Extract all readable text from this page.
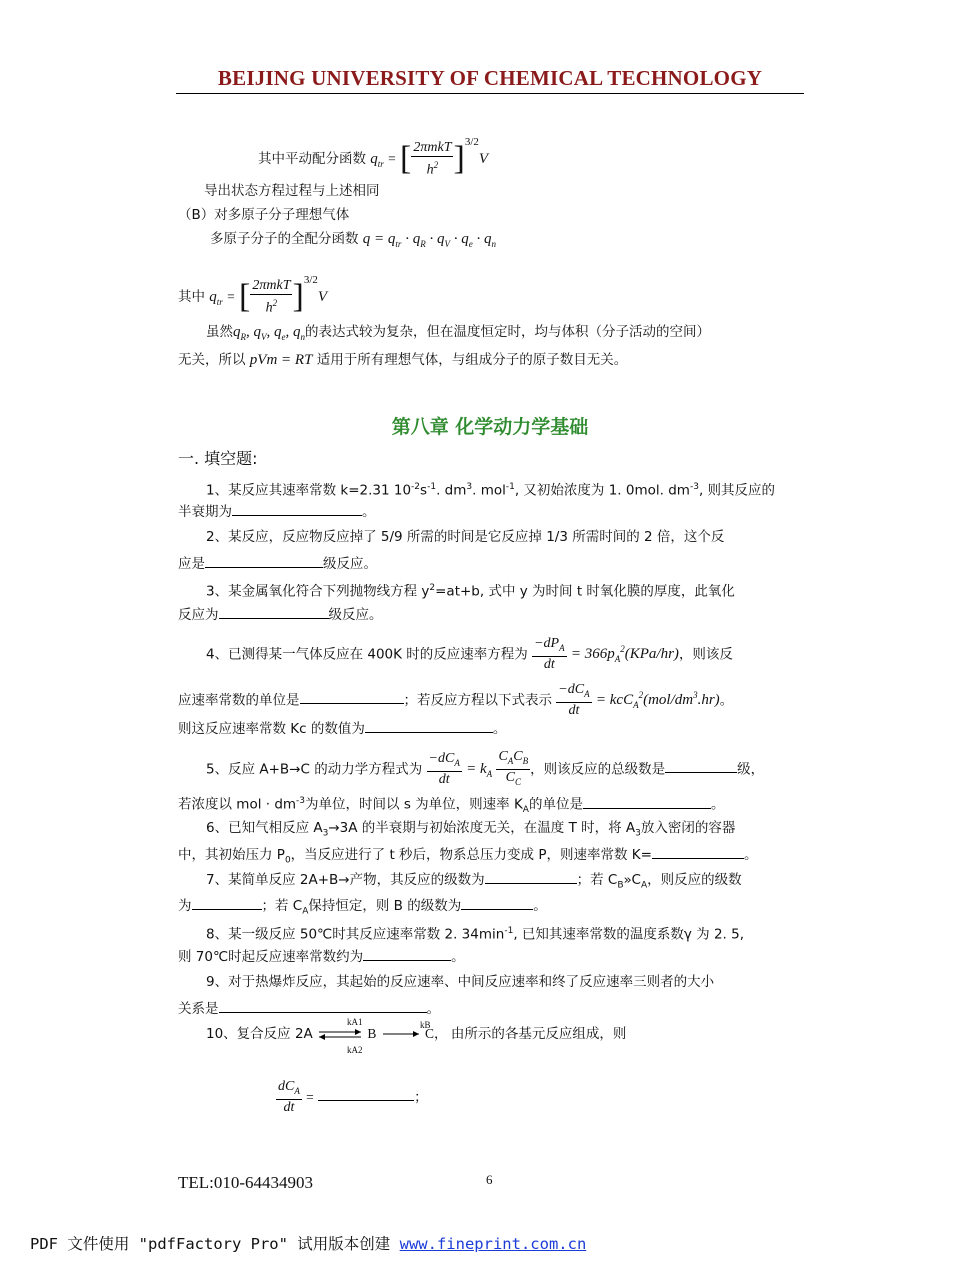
BEIJING UNIVERSITY OF CHEMICAL TECHNOLOGY
其中平动配分函数 $q_{tr}$ = [ $\frac{\text{2πmkT}}{h^2} ]^{3/2}V$
导出状态方程过程与上述相同
（B）对多原子分子理想气体
多原子分子的全配分函数 $q = q_{tr} \cdot q_R \cdot q_V \cdot q_e \cdot q_n$
其中 $q_{tr}$ = [ $\frac{\text{2πmkT}}{h^2} ]^{3/2}V$
虽然$q_R$, $q_V$, $q_e$, $q_n$的表达式较为复杂，但在温度恒定时，均与体积（分子活动的空间）
无关，所以 pVm = RT 适用于所有理想气体，与组成分子的原子数目无关。
第八章 化学动力学基础
一. 填空题:
1、某反应其速率常数 k=2.31 $10^{-2}s^{-1}$. $dm^3$. mol$^{-1}$, 又初始浓度为 1. 0mol. $dm^{-3}$, 则其反应的
半衰期为	。
2、某反应，反应物反应掉了 5/9 所需的时间是它反应掉 1/3 所需时间的 2 倍，这个反
应是	级反应。
3、某金属氧化符合下列抛物线方程 $y^2=at+b$, 式中 y 为时间 t 时氧化膜的厚度，此氧化
反应为	级反应。
4、已测得某一气体反应在 400K 时的反应速率方程为 $\frac{-dP_A}{dt} = 366p_A^2(KPa/hr)$，则该反
应速率常数的单位是	；若反应方程以下式表示 $\frac{-dC_A}{dt} = kcC_A^2(mol/dm^3.hr)$。
则这反应速率常数 Kc 的数值为	。
5、反应 A+B→C 的动力学方程式为 $\frac{-dC_A}{dt} = k_A \frac{C_AC_B}{C_C}$ ，则该反应的总级数是	级，
若浓度以 mol · $dm^{-3}$为单位，时间以 s 为单位，则速率 $K_A$的单位是	。
6、已知气相反应 $A_3\to 3A$ 的半衰期与初始浓度无关，在温度 T 时，将 $A_3$放入密闭的容器
中，其初始压力 $P_0$，当反应进行了 t 秒后，物系总压力变成 P，则速率常数 K=	。
7、某简单反应 2A+B→产物，其反应的级数为	；若 $C_B»C_A$，则反应的级数
为	；若 $C_A$保持恒定，则 B 的级数为	。
8、某一级反应 50℃时其反应速率常数 2. $34\min^{-1}$, 已知其速率常数的温度系数γ 为 2. 5,
则 70℃时起反应速率常数约为	。
9、对于热爆炸反应，其起始的反应速率、中间反应速率和终了反应速率三则者的大小
关系是	。
10、复合反应 2A ⇌ B → C， 由所示的各基元反应组成，则
kA1
kA2
kB
$\frac{dC_A}{dt}$ =	；
TEL:010-64434903	6
PDF 文件使用 "pdfFactory Pro" 试用版本创建 www.fineprint.com.cn
